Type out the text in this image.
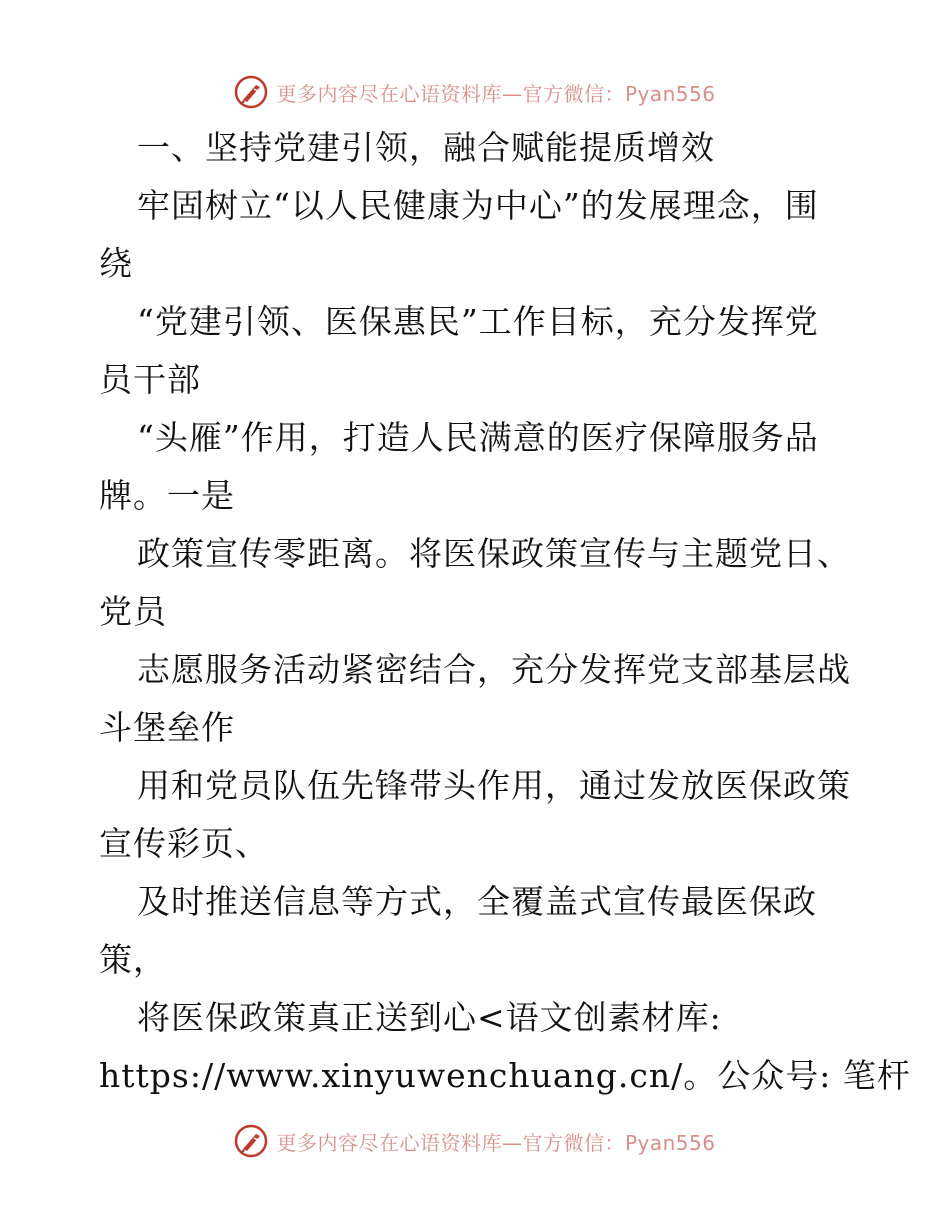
更多内容尽在心语资料库—官方微信：Pyan556
一、坚持党建引领，融合赋能提质增效
牢固树立“以人民健康为中心”的发展理念，围
绕
“党建引领、医保惠民”工作目标，充分发挥党
员干部
“头雁”作用，打造人民满意的医疗保障服务品
牌。一是
政策宣传零距离。将医保政策宣传与主题党日、
党员
志愿服务活动紧密结合，充分发挥党支部基层战
斗堡垒作
用和党员队伍先锋带头作用，通过发放医保政策
宣传彩页、
及时推送信息等方式，全覆盖式宣传最医保政
策，
将医保政策真正送到心<语文创素材库:
https://www.xinyuwenchuang.cn/。公众号: 笔杆
更多内容尽在心语资料库—官方微信：Pyan556
